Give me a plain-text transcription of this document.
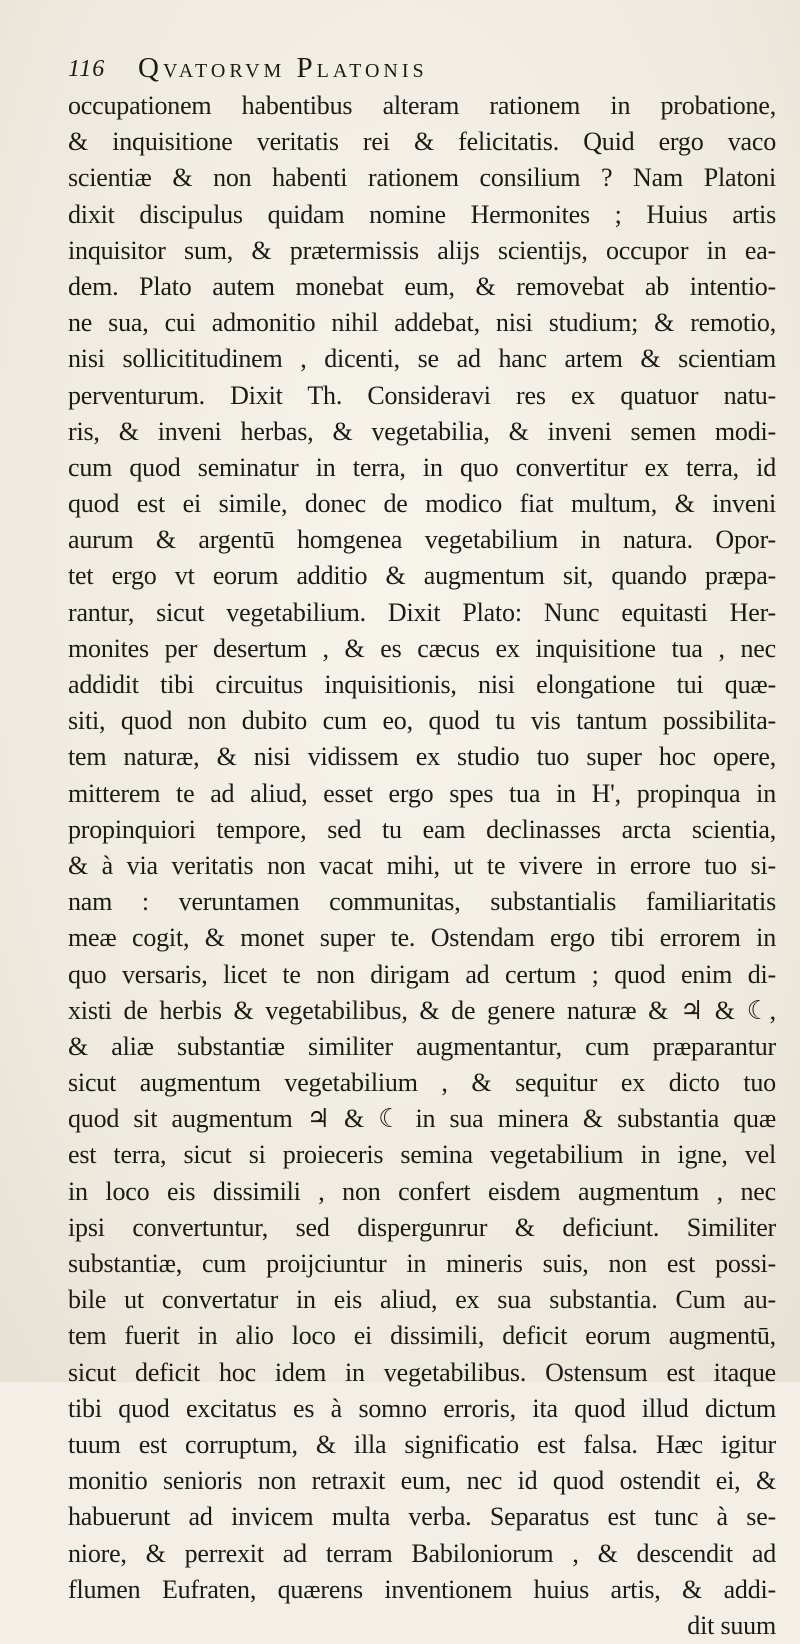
116 Qvatorvm Platonis
occupationem habentibus alteram rationem in probatione,
& inquisitione veritatis rei & felicitatis. Quid ergo vaco
scientiæ & non habenti rationem consilium ? Nam Platoni
dixit discipulus quidam nomine Hermonites ; Huius artis
inquisitor sum, & prætermissis alijs scientijs, occupor in ea-
dem. Plato autem monebat eum, & removebat ab intentio-
ne sua, cui admonitio nihil addebat, nisi studium; & remotio,
nisi sollicititudinem , dicenti, se ad hanc artem & scientiam
perventurum. Dixit Th. Consideravi res ex quatuor natu-
ris, & inveni herbas, & vegetabilia, & inveni semen modi-
cum quod seminatur in terra, in quo convertitur ex terra, id
quod est ei simile, donec de modico fiat multum, & inveni
aurum & argentū homgenea vegetabilium in natura. Opor-
tet ergo vt eorum additio & augmentum sit, quando præpa-
rantur, sicut vegetabilium. Dixit Plato: Nunc equitasti Her-
monites per desertum , & es cæcus ex inquisitione tua , nec
addidit tibi circuitus inquisitionis, nisi elongatione tui quæ-
siti, quod non dubito cum eo, quod tu vis tantum possibilita-
tem naturæ, & nisi vidissem ex studio tuo super hoc opere,
mitterem te ad aliud, esset ergo spes tua in H', propinqua in
propinquiori tempore, sed tu eam declinasses arcta scientia,
& à via veritatis non vacat mihi, ut te vivere in errore tuo si-
nam : veruntamen communitas, substantialis familiaritatis
meæ cogit, & monet super te. Ostendam ergo tibi errorem in
quo versaris, licet te non dirigam ad certum ; quod enim di-
xisti de herbis & vegetabilibus, & de genere naturæ & ♃ & ☾,
& aliæ substantiæ similiter augmentantur, cum præparantur
sicut augmentum vegetabilium , & sequitur ex dicto tuo
quod sit augmentum ♃ & ☾ in sua minera & substantia quæ
est terra, sicut si proieceris semina vegetabilium in igne, vel
in loco eis dissimili , non confert eisdem augmentum , nec
ipsi convertuntur, sed dispergunrur & deficiunt. Similiter
substantiæ, cum proijciuntur in mineris suis, non est possi-
bile ut convertatur in eis aliud, ex sua substantia. Cum au-
tem fuerit in alio loco ei dissimili, deficit eorum augmentū,
sicut deficit hoc idem in vegetabilibus. Ostensum est itaque
tibi quod excitatus es à somno erroris, ita quod illud dictum
tuum est corruptum, & illa significatio est falsa. Hæc igitur
monitio senioris non retraxit eum, nec id quod ostendit ei, &
habuerunt ad invicem multa verba. Separatus est tunc à se-
niore, & perrexit ad terram Babiloniorum , & descendit ad
flumen Eufraten, quærens inventionem huius artis, & addi-
dit suum
